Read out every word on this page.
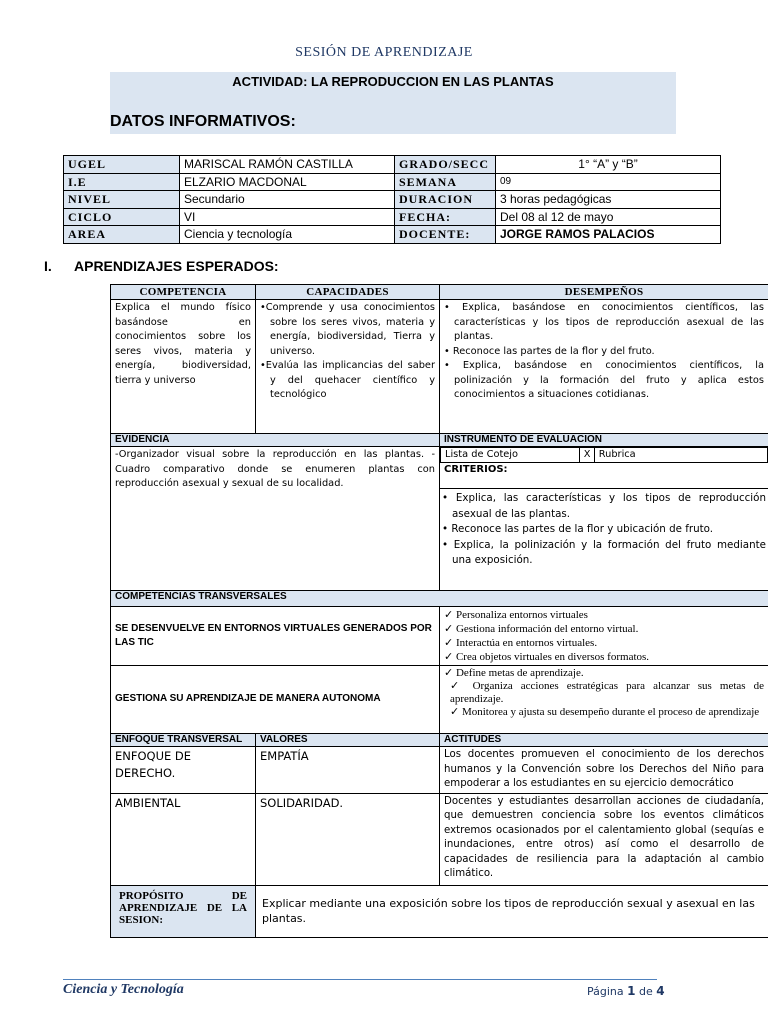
SESIÓN DE APRENDIZAJE
ACTIVIDAD: LA REPRODUCCION EN LAS PLANTAS
DATOS INFORMATIVOS:
UGEL	MARISCAL RAMÓN CASTILLA	GRADO/SECC	1° “A” y “B”
I.E	ELZARIO MACDONAL	SEMANA	09
NIVEL	Secundario	DURACION	3 horas pedagógicas
CICLO	VI	FECHA:	Del 08 al 12 de mayo
AREA	Ciencia y tecnología	DOCENTE:	JORGE RAMOS PALACIOS
I. APRENDIZAJES ESPERADOS:
COMPETENCIA	CAPACIDADES	DESEMPEÑOS
Explica el mundo físico basándose en conocimientos sobre los seres vivos, materia y energía, biodiversidad, tierra y universo	
•Comprende y usa conocimientos sobre los seres vivos, materia y energía, biodiversidad, Tierra y universo.
•Evalúa las implicancias del saber y del quehacer científico y tecnológico

• Explica, basándose en conocimientos científicos, las características y los tipos de reproducción asexual de las plantas.
• Reconoce las partes de la flor y del fruto.
• Explica, basándose en conocimientos científicos, la polinización y la formación del fruto y aplica estos conocimientos a situaciones cotidianas.

EVIDENCIA	INSTRUMENTO DE EVALUACION
-Organizador visual sobre la reproducción en las plantas. - Cuadro comparativo donde se enumeren plantas con reproducción asexual y sexual de su localidad.	
Lista de Cotejo	X	Rubrica
CRITERIOS:
• Explica, las características y los tipos de reproducción asexual de las plantas.
• Reconoce las partes de la flor y ubicación de fruto.
• Explica, la polinización y la formación del fruto mediante una exposición.

COMPETENCIAS TRANSVERSALES
SE DESENVUELVE EN ENTORNOS VIRTUALES GENERADOS POR LAS TIC	
✓ Personaliza entornos virtuales
✓ Gestiona información del entorno virtual.
✓ Interactúa en entornos virtuales.
✓ Crea objetos virtuales en diversos formatos.

GESTIONA SU APRENDIZAJE DE MANERA AUTONOMA	
✓ Define metas de aprendizaje.
✓ Organiza acciones estratégicas para alcanzar sus metas de aprendizaje.
✓ Monitorea y ajusta su desempeño durante el proceso de aprendizaje

ENFOQUE TRANSVERSAL	VALORES	ACTITUDES
ENFOQUE DE DERECHO.	EMPATÍA	Los docentes promueven el conocimiento de los derechos humanos y la Convención sobre los Derechos del Niño para empoderar a los estudiantes en su ejercicio democrático
AMBIENTAL	SOLIDARIDAD.	Docentes y estudiantes desarrollan acciones de ciudadanía, que demuestren conciencia sobre los eventos climáticos extremos ocasionados por el calentamiento global (sequías e inundaciones, entre otros) así como el desarrollo de capacidades de resiliencia para la adaptación al cambio climático.
PROPÓSITO DE APRENDIZAJE DE LA SESION:	Explicar mediante una exposición sobre los tipos de reproducción sexual y asexual en las plantas.
Ciencia y Tecnología	Página 1 de 4
